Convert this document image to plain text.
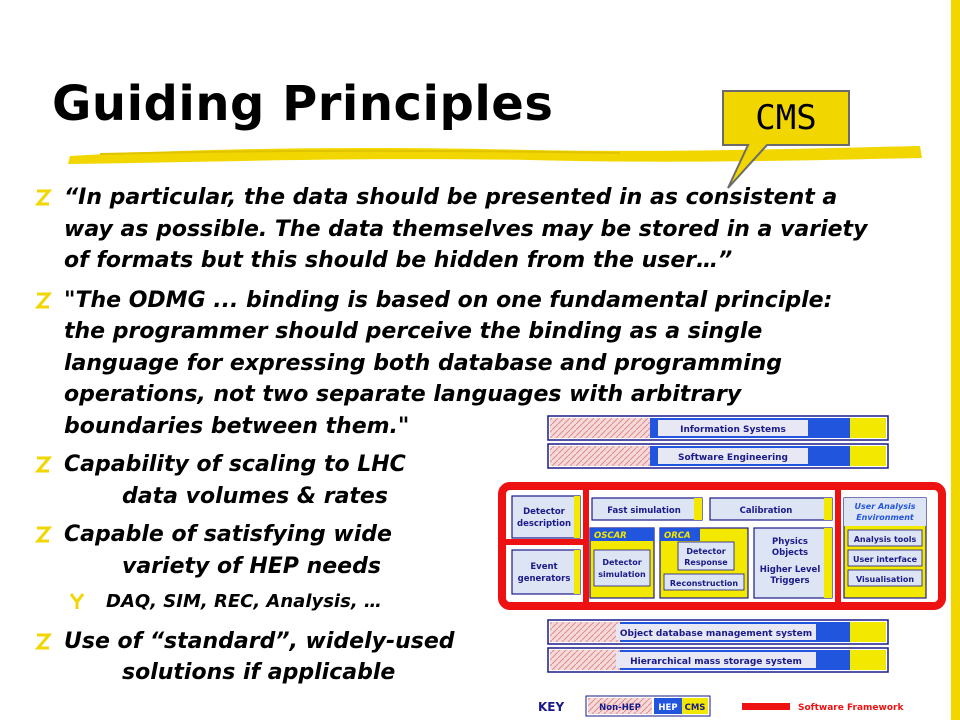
Guiding Principles	CMS
“In particular, the data should be presented in as consistent a
way as possible. The data themselves may be stored in a variety
of formats but this should be hidden from the user…”
"The ODMG ... binding is based on one fundamental principle:
the programmer should perceive the binding as a single
language for expressing both database and programming
operations, not two separate languages with arbitrary
boundaries between them."
Capability of scaling to LHC
data volumes & rates
Capable of satisfying wide
variety of HEP needs
DAQ, SIM, REC, Analysis, …
Use of “standard”, widely-used
solutions if applicable
Information Systems
Software Engineering
Detector
description
Event
generators
Fast simulation	Calibration
OSCAR
Detector
simulation
ORCA
Detector
Response
Reconstruction
Physics
Objects
Higher Level
Triggers
User Analysis
Environment
Analysis tools
User interface
Visualisation
Object database management system
Hierarchical mass storage system
KEY	Non-HEP HEP CMS	Software Framework
